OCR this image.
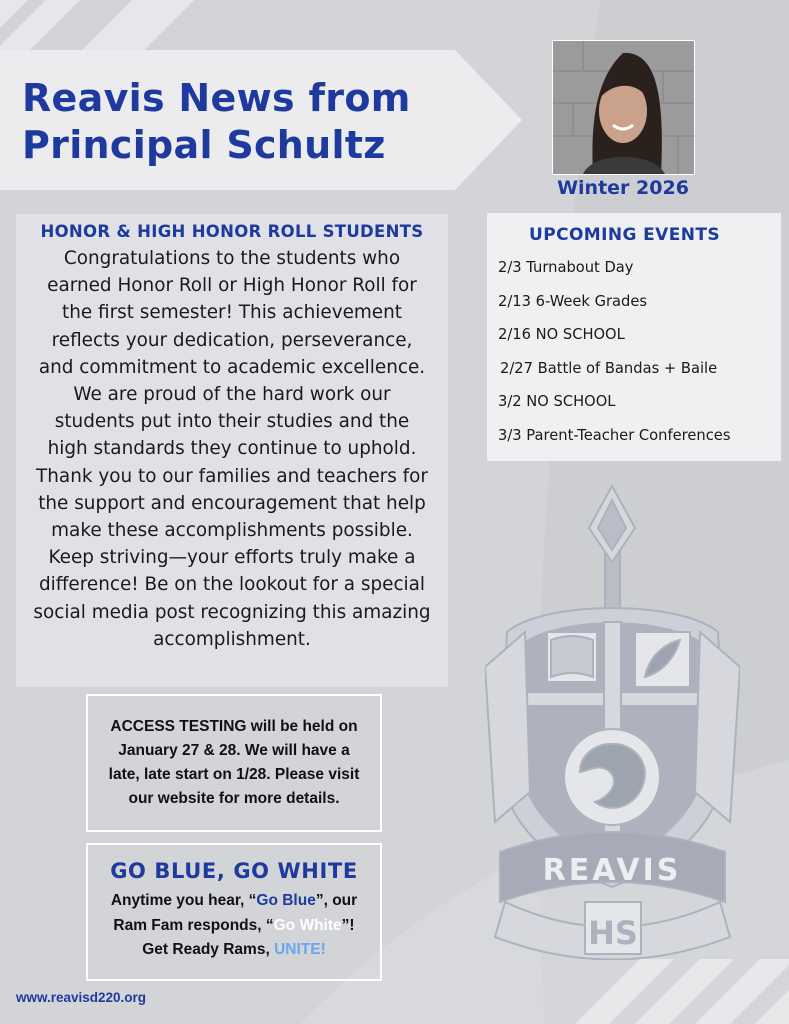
Reavis News from
Principal Schultz
Winter 2026
HONOR & HIGH HONOR ROLL STUDENTS

Congratulations to the students who
earned Honor Roll or High Honor Roll for
the first semester! This achievement
reflects your dedication, perseverance,
and commitment to academic excellence.
We are proud of the hard work our
students put into their studies and the
high standards they continue to uphold.
Thank you to our families and teachers for
the support and encouragement that help
make these accomplishments possible.
Keep striving—your efforts truly make a
difference! Be on the lookout for a special
social media post recognizing this amazing
accomplishment.

UPCOMING EVENTS
2/3 Turnabout Day
2/13 6-Week Grades
2/16 NO SCHOOL
2/27 Battle of Bandas + Baile
3/2 NO SCHOOL
3/3 Parent-Teacher Conferences
REAVIS
HS

ACCESS TESTING will be held on
January 27 & 28. We will have a
late, late start on 1/28. Please visit
our website for more details.

GO BLUE, GO WHITE

Anytime you hear, “Go Blue”, our
Ram Fam responds, “Go White”!
Get Ready Rams, UNITE!

www.reavisd220.org
